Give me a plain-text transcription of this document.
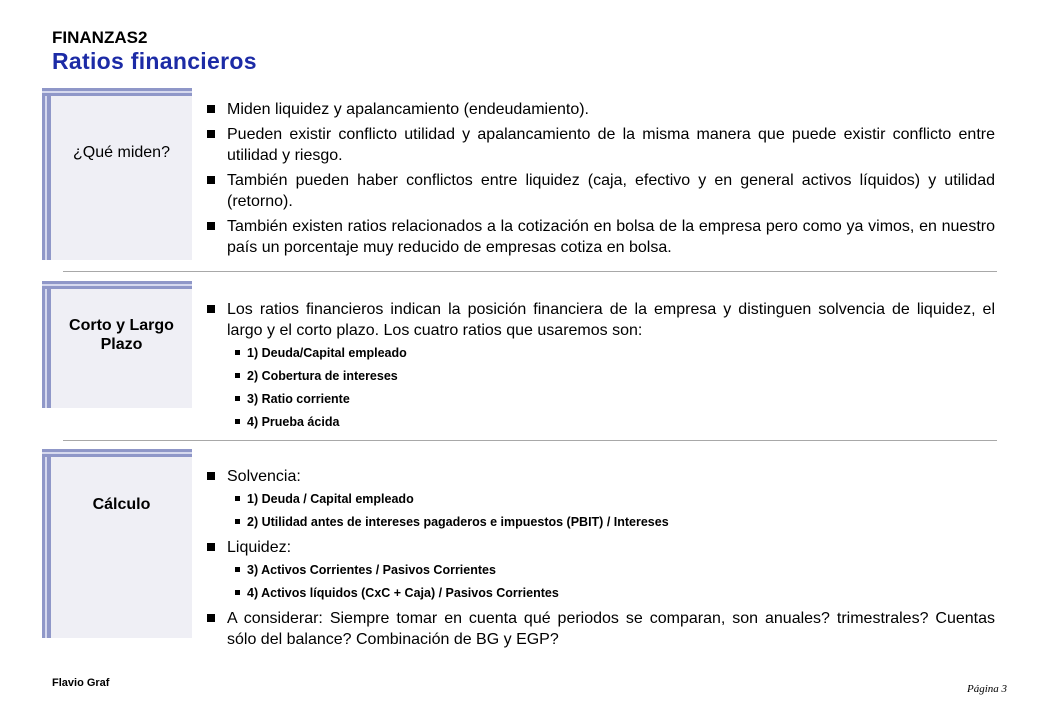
FINANZAS2
Ratios financieros
¿Qué miden?
Miden liquidez y apalancamiento (endeudamiento).
Pueden existir conflicto utilidad y apalancamiento de la misma manera que puede existir conflicto entre utilidad y riesgo.
También pueden haber conflictos entre liquidez (caja, efectivo y en general activos líquidos) y utilidad (retorno).
También existen ratios relacionados a la cotización en bolsa de la empresa pero como ya vimos, en nuestro país un porcentaje muy reducido de empresas cotiza en bolsa.
Corto y Largo Plazo
Los ratios financieros indican la posición financiera de la empresa y distinguen solvencia de liquidez, el largo y el corto plazo. Los cuatro ratios que usaremos son:
1) Deuda/Capital empleado
2) Cobertura de intereses
3) Ratio corriente
4) Prueba ácida
Cálculo
Solvencia:
1) Deuda / Capital empleado
2) Utilidad antes de intereses pagaderos e impuestos (PBIT) / Intereses
Liquidez:
3) Activos Corrientes / Pasivos Corrientes
4) Activos líquidos (CxC + Caja) / Pasivos Corrientes
A considerar: Siempre tomar en cuenta qué periodos se comparan, son anuales? trimestrales? Cuentas sólo del balance? Combinación de BG y EGP?
Flavio Graf	Página 3
